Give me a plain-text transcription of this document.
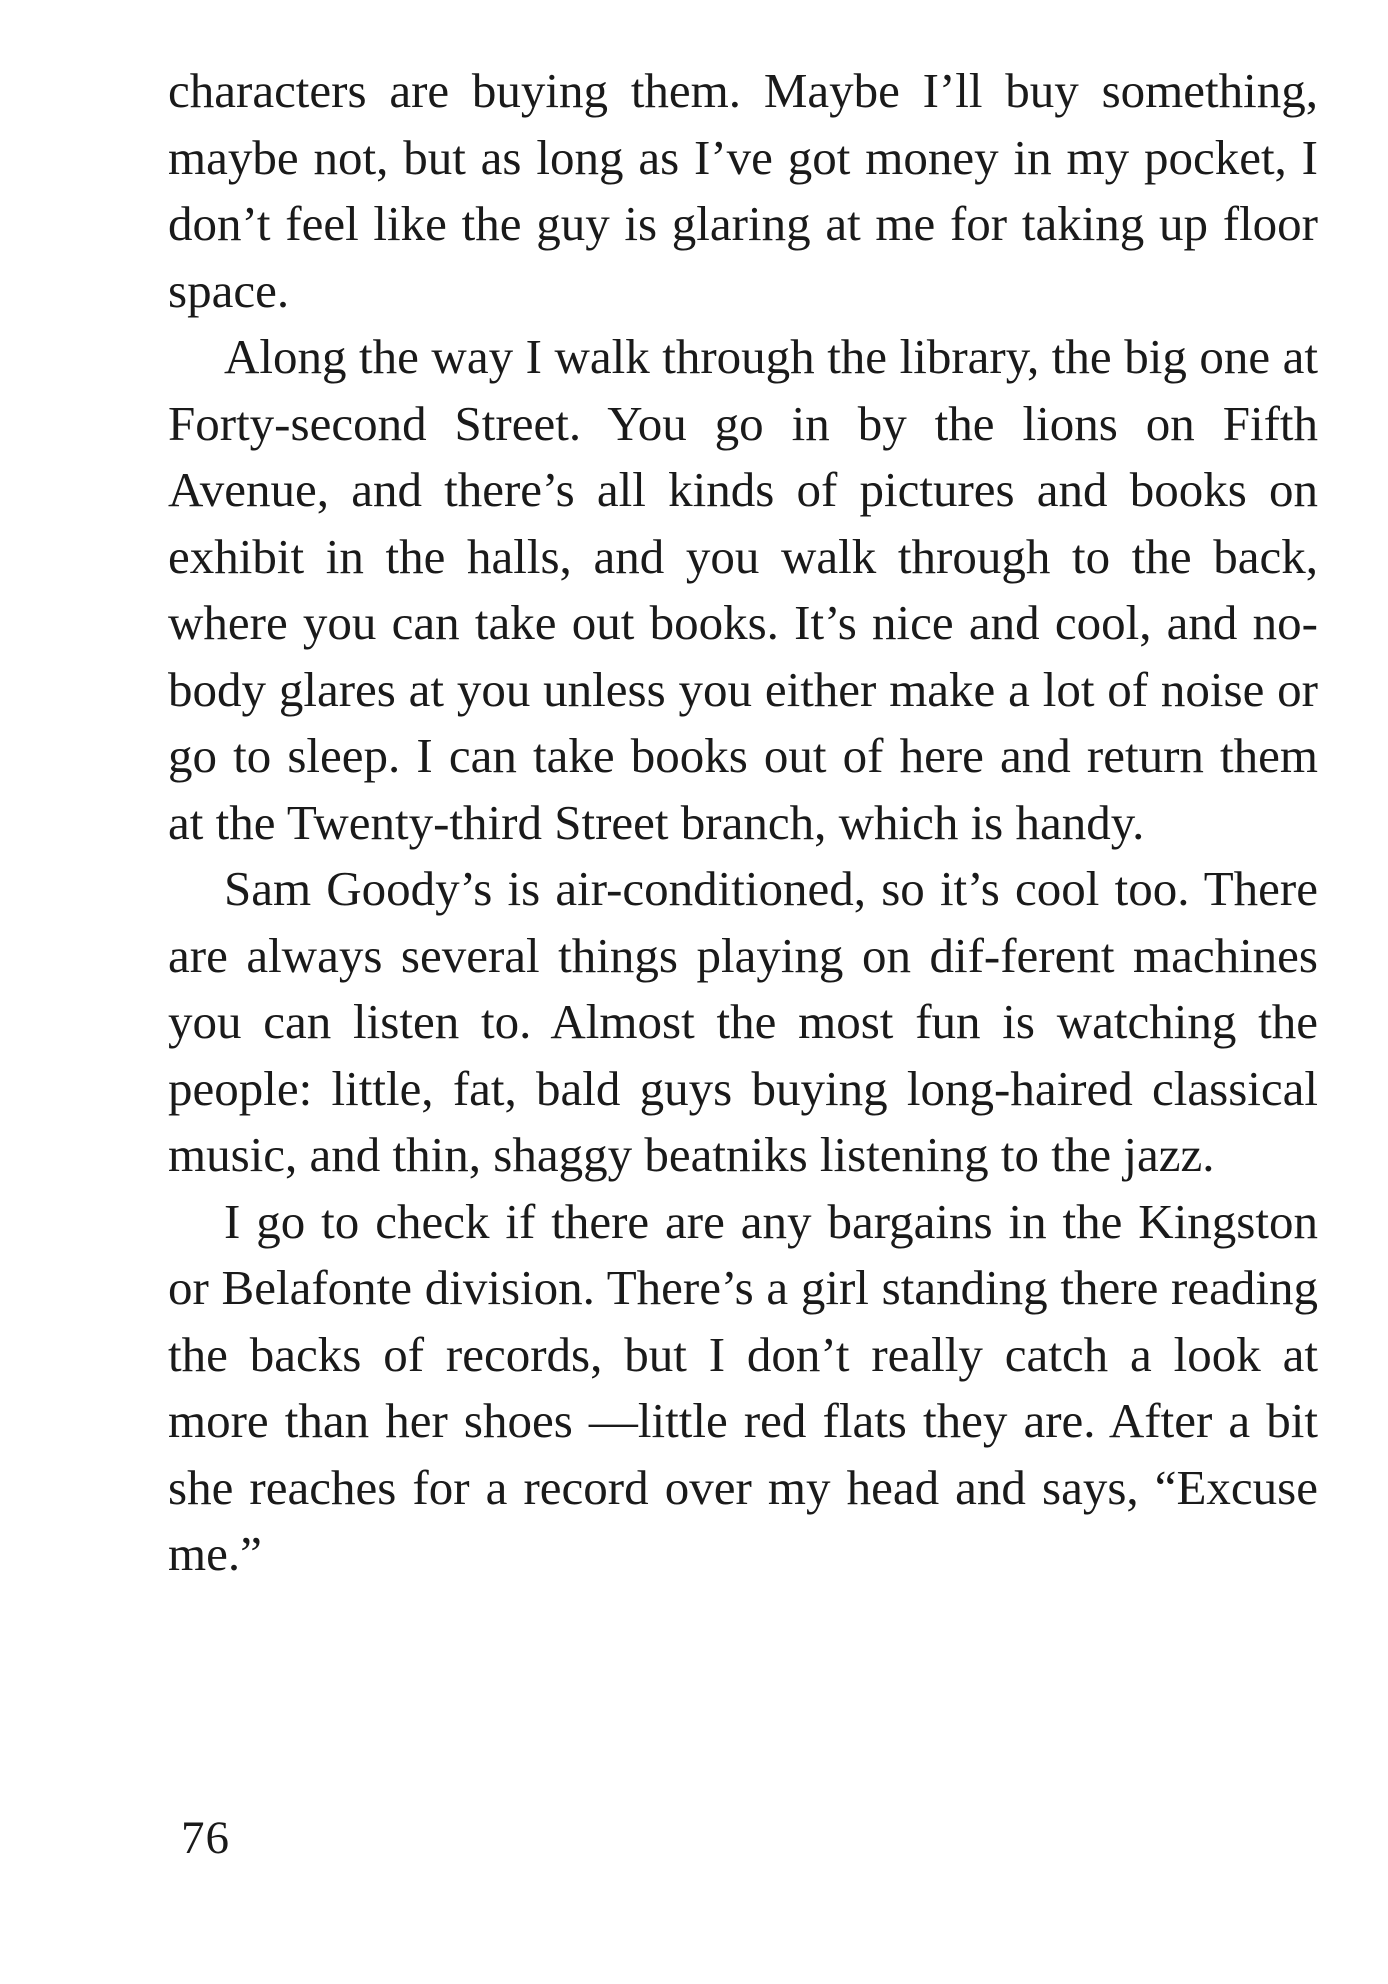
characters are buying them. Maybe I’ll buy something, maybe not, but as long as I’ve got money in my pocket, I don’t feel like the guy is glaring at me for taking up floor space.

Along the way I walk through the library, the big one at Forty-second Street. You go in by the lions on Fifth Avenue, and there’s all kinds of pictures and books on exhibit in the halls, and you walk through to the back, where you can take out books. It’s nice and cool, and no-body glares at you unless you either make a lot of noise or go to sleep. I can take books out of here and return them at the Twenty-third Street branch, which is handy.

Sam Goody’s is air-conditioned, so it’s cool too. There are always several things playing on dif-ferent machines you can listen to. Almost the most fun is watching the people: little, fat, bald guys buying long-haired classical music, and thin, shaggy beatniks listening to the jazz.

I go to check if there are any bargains in the Kingston or Belafonte division. There’s a girl standing there reading the backs of records, but I don’t really catch a look at more than her shoes —little red flats they are. After a bit she reaches for a record over my head and says, “Excuse me.”

76
